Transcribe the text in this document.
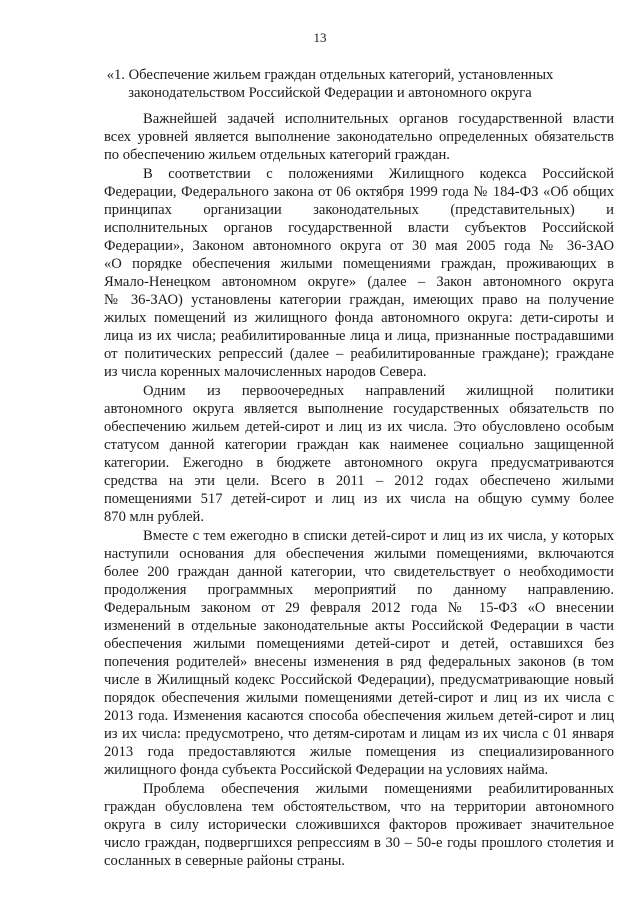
13
«1. Обеспечение жильем граждан отдельных категорий, установленных
законодательством Российской Федерации и автономного округа
Важнейшей задачей исполнительных органов государственной власти
всех уровней является выполнение законодательно определенных обязательств
по обеспечению жильем отдельных категорий граждан.
В соответствии с положениями Жилищного кодекса Российской
Федерации, Федерального закона от 06 октября 1999 года № 184-ФЗ «Об общих
принципах организации законодательных (представительных) и
исполнительных органов государственной власти субъектов Российской
Федерации», Законом автономного округа от 30 мая 2005 года № 36-ЗАО
«О порядке обеспечения жилыми помещениями граждан, проживающих в
Ямало-Ненецком автономном округе» (далее – Закон автономного округа
№ 36-ЗАО) установлены категории граждан, имеющих право на получение
жилых помещений из жилищного фонда автономного округа: дети-сироты и
лица из их числа; реабилитированные лица и лица, признанные пострадавшими
от политических репрессий (далее – реабилитированные граждане); граждане
из числа коренных малочисленных народов Севера.
Одним из первоочередных направлений жилищной политики
автономного округа является выполнение государственных обязательств по
обеспечению жильем детей-сирот и лиц из их числа. Это обусловлено особым
статусом данной категории граждан как наименее социально защищенной
категории. Ежегодно в бюджете автономного округа предусматриваются
средства на эти цели. Всего в 2011 – 2012 годах обеспечено жилыми
помещениями 517 детей-сирот и лиц из их числа на общую сумму более
870 млн рублей.
Вместе с тем ежегодно в списки детей-сирот и лиц из их числа, у которых
наступили основания для обеспечения жилыми помещениями, включаются
более 200 граждан данной категории, что свидетельствует о необходимости
продолжения программных мероприятий по данному направлению.
Федеральным законом от 29 февраля 2012 года № 15-ФЗ «О внесении
изменений в отдельные законодательные акты Российской Федерации в части
обеспечения жилыми помещениями детей-сирот и детей, оставшихся без
попечения родителей» внесены изменения в ряд федеральных законов (в том
числе в Жилищный кодекс Российской Федерации), предусматривающие новый
порядок обеспечения жилыми помещениями детей-сирот и лиц из их числа с
2013 года. Изменения касаются способа обеспечения жильем детей-сирот и лиц
из их числа: предусмотрено, что детям-сиротам и лицам из их числа с 01 января
2013 года предоставляются жилые помещения из специализированного
жилищного фонда субъекта Российской Федерации на условиях найма.
Проблема обеспечения жилыми помещениями реабилитированных
граждан обусловлена тем обстоятельством, что на территории автономного
округа в силу исторически сложившихся факторов проживает значительное
число граждан, подвергшихся репрессиям в 30 – 50-е годы прошлого столетия и
сосланных в северные районы страны.
